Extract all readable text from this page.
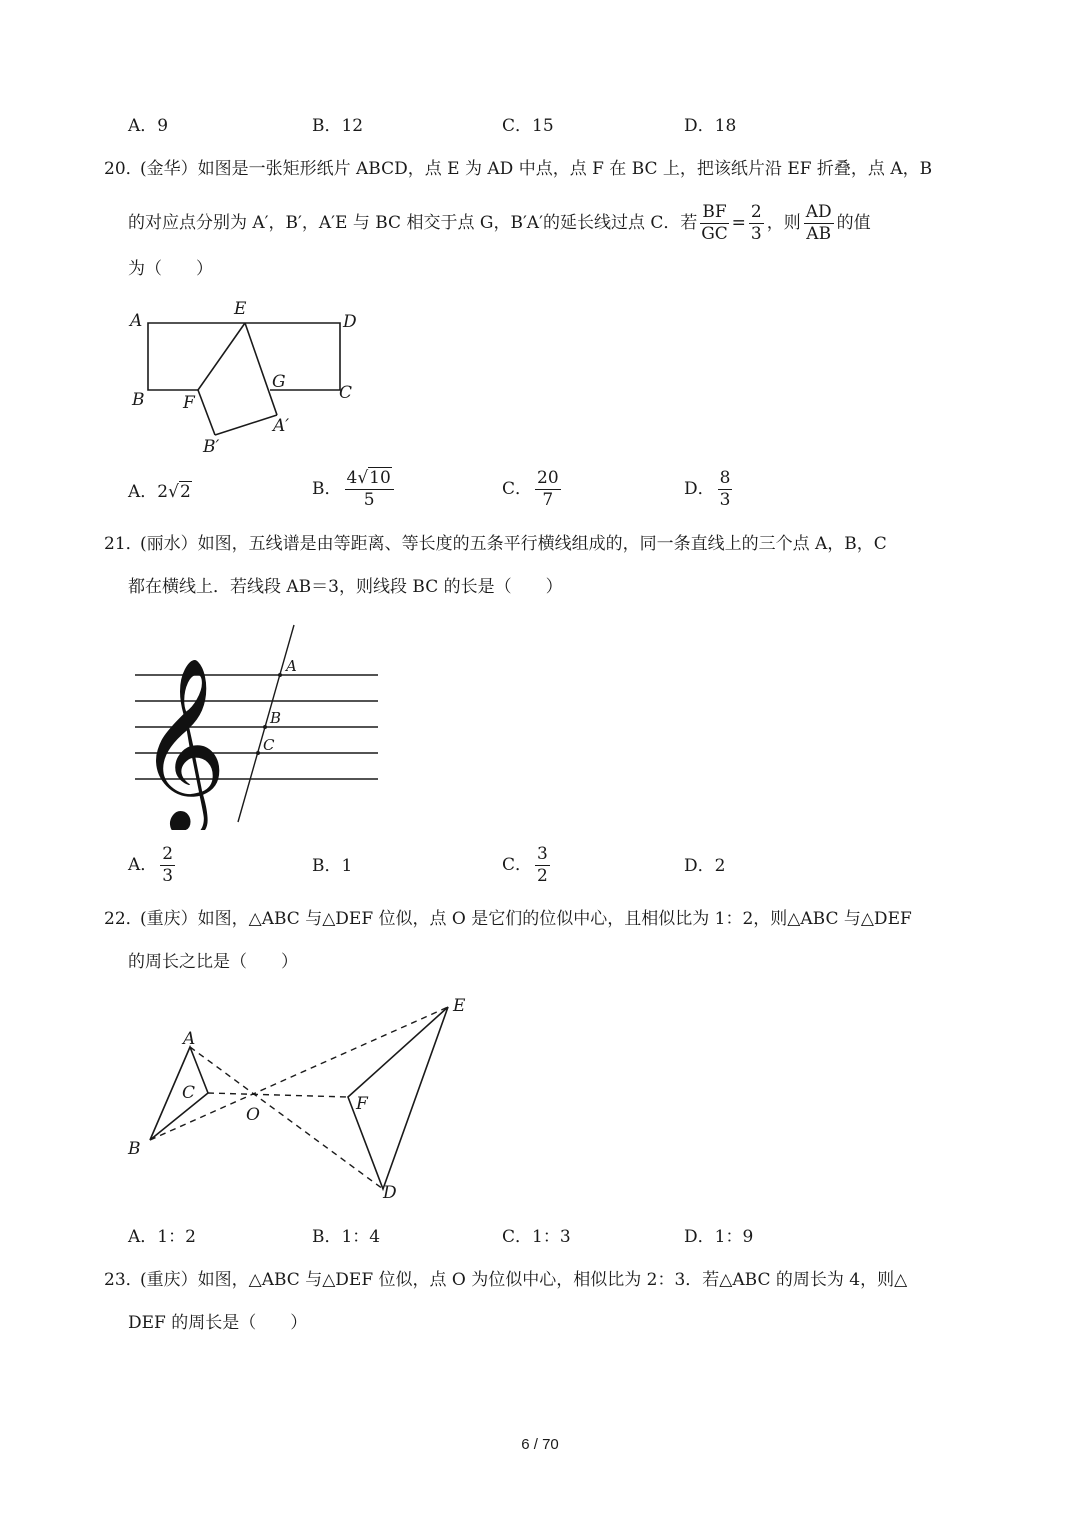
A．9	B．12	C．15	D．18
20．
(金华）如图是一张矩形纸片 ABCD，点 E 为 AD 中点，点 F 在 BC 上，把该纸片沿 EF 折叠，点 A，B
的对应点分别为 A′，B′，A′E 与 BC 相交于点 G，B′A′的延长线过点 C．若 $\frac{BF}{GC} = \frac{2}{3}$ ，则 $\frac{AD}{AB}$ 的值
为（　　）
A
E
D
B F
G
C
B′
A′
A．2√2	B． $\frac{4√10}{5}$	C． $\frac{20}{7}$	D． $\frac{8}{3}$
21．
(丽水）如图，五线谱是由等距离、等长度的五条平行横线组成的，同一条直线上的三个点 A，B，C
都在横线上．若线段 AB＝3，则线段 BC 的长是（　　）
𝄞	A
B
C
A． $\frac{2}{3}$	B．1	C． $\frac{3}{2}$	D．2
22．
(重庆）如图，△ABC 与△DEF 位似，点 O 是它们的位似中心，且相似比为 1：2，则△ABC 与△DEF
的周长之比是（　　）
A
B
C
O
E
F
D
A．1：2	B．1：4	C．1：3	D．1：9
23．
(重庆）如图，△ABC 与△DEF 位似，点 O 为位似中心，相似比为 2：3．若△ABC 的周长为 4，则△
DEF 的周长是（　　）
6 / 70
